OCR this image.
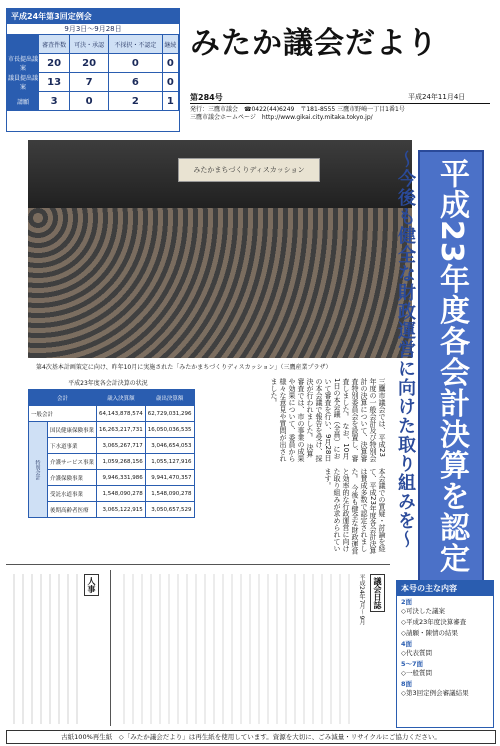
平成24年第3回定例会
9月3日～9月28日
	審査件数	可決・承認	不採択・不認定	継続
市長提出議案	20	20	0	0
議員提出議案	13	7	6	0
請願	3	0	2	1
みたか議会だより
第284号	平成24年11月4日
発行：三鷹市議会　☎0422(44)6249　〒181-8555 三鷹市野崎一丁目1番1号
三鷹市議会ホームページ　http://www.gikai.city.mitaka.tokyo.jp/
みたかまちづくりディスカッション
第4次基本計画策定に向け、昨年10月に実施された「みたかまちづくりディスカッション」（三鷹産業プラザ）	～今後も健全な財政運営に向けた取り組みを～ 平成23年度各会計決算を認定
平成23年度各会計決算の状況
会計		歳入決算額	歳出決算額
一般会計		64,143,878,574	62,729,031,296
特別会計	国民健康保険事業	16,263,217,731	16,050,036,535
	下水道事業	3,065,267,717	3,046,654,053
	介護サービス事業	1,059,268,156	1,055,127,916
	介護保険事業	9,946,331,986	9,941,470,357
	受託水道事業	1,548,090,278	1,548,090,278
	後期高齢者医療	3,065,122,915	3,050,657,529
三鷹市議会では、平成23年度の一般会計及び特別会計の決算について、決算審査特別委員会を設置し、審査しました。 なお、10月1日の本会議（全員）において審査を行い、9月28日の本会議で報告を受け、採決が行われました。 決算審査では、市の事業の成果や効果について、委員から様々な意見や質問が出されました。
本会議での質疑・討論を経て、平成23年度各会計決算は賛成多数で認定されました。 今後も健全な財政運営と効率的な行政運営に向けた取り組みが求められています。
人事	議会日誌
平成24年7月～9月	本号の主な内容
2面
◇可決した議案
◇平成23年度決算審査
◇請願・陳情の結果
4面
◇代表質問
5～7面
◇一般質問
8面
◇第3回定例会審議結果
古紙100%再生紙　◇「みたか議会だより」は再生紙を使用しています。資源を大切に、ごみ減量・リサイクルにご協力ください。
